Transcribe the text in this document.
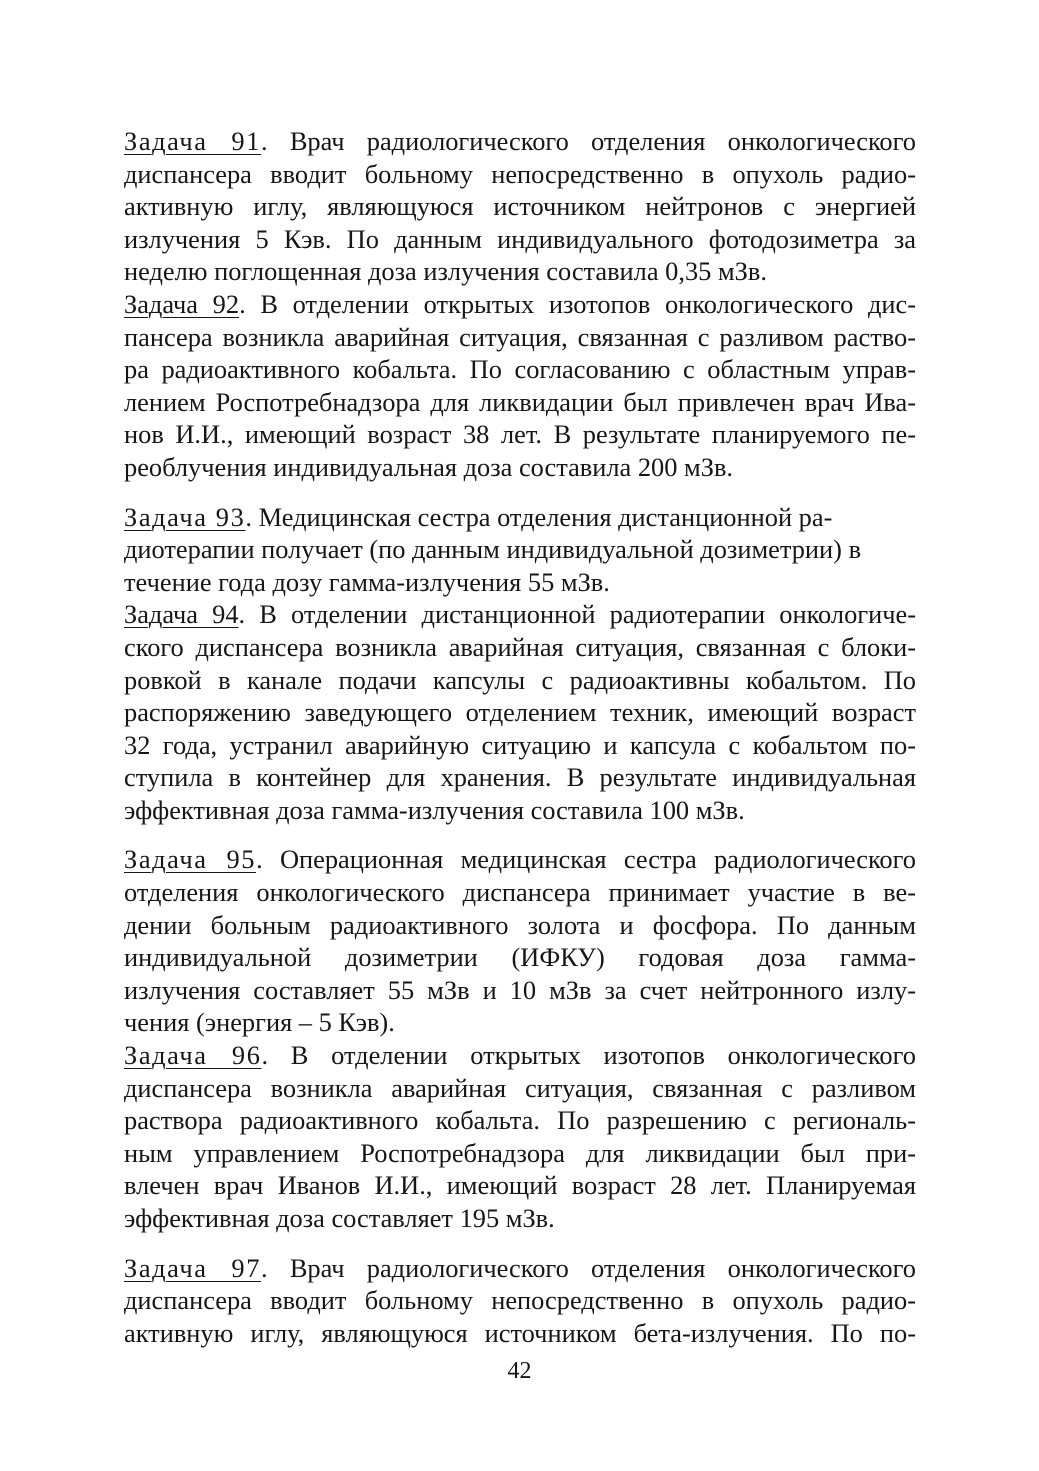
Задача 91. Врач радиологического отделения онкологического
диспансера вводит больному непосредственно в опухоль радио-
активную иглу, являющуюся источником нейтронов с энергией
излучения 5 Кэв. По данным индивидуального фотодозиметра за
неделю поглощенная доза излучения составила 0,35 мЗв.
Задача 92. В отделении открытых изотопов онкологического дис-
пансера возникла аварийная ситуация, связанная с разливом раство-
ра радиоактивного кобальта. По согласованию с областным управ-
лением Роспотребнадзора для ликвидации был привлечен врач Ива-
нов И.И., имеющий возраст 38 лет. В результате планируемого пе-
реоблучения индивидуальная доза составила 200 мЗв.
Задача 93. Медицинская сестра отделения дистанционной ра-
диотерапии получает (по данным индивидуальной дозиметрии) в
течение года дозу гамма-излучения 55 мЗв.
Задача 94. В отделении дистанционной радиотерапии онкологиче-
ского диспансера возникла аварийная ситуация, связанная с блоки-
ровкой в канале подачи капсулы с радиоактивны кобальтом. По
распоряжению заведующего отделением техник, имеющий возраст
32 года, устранил аварийную ситуацию и капсула с кобальтом по-
ступила в контейнер для хранения. В результате индивидуальная
эффективная доза гамма-излучения составила 100 мЗв.
Задача 95. Операционная медицинская сестра радиологического
отделения онкологического диспансера принимает участие в ве-
дении больным радиоактивного золота и фосфора. По данным
индивидуальной дозиметрии (ИФКУ) годовая доза гамма-
излучения составляет 55 мЗв и 10 мЗв за счет нейтронного излу-
чения (энергия – 5 Кэв).
Задача 96. В отделении открытых изотопов онкологического
диспансера возникла аварийная ситуация, связанная с разливом
раствора радиоактивного кобальта. По разрешению с региональ-
ным управлением Роспотребнадзора для ликвидации был при-
влечен врач Иванов И.И., имеющий возраст 28 лет. Планируемая
эффективная доза составляет 195 мЗв.
Задача 97. Врач радиологического отделения онкологического
диспансера вводит больному непосредственно в опухоль радио-
активную иглу, являющуюся источником бета-излучения. По по-
42
